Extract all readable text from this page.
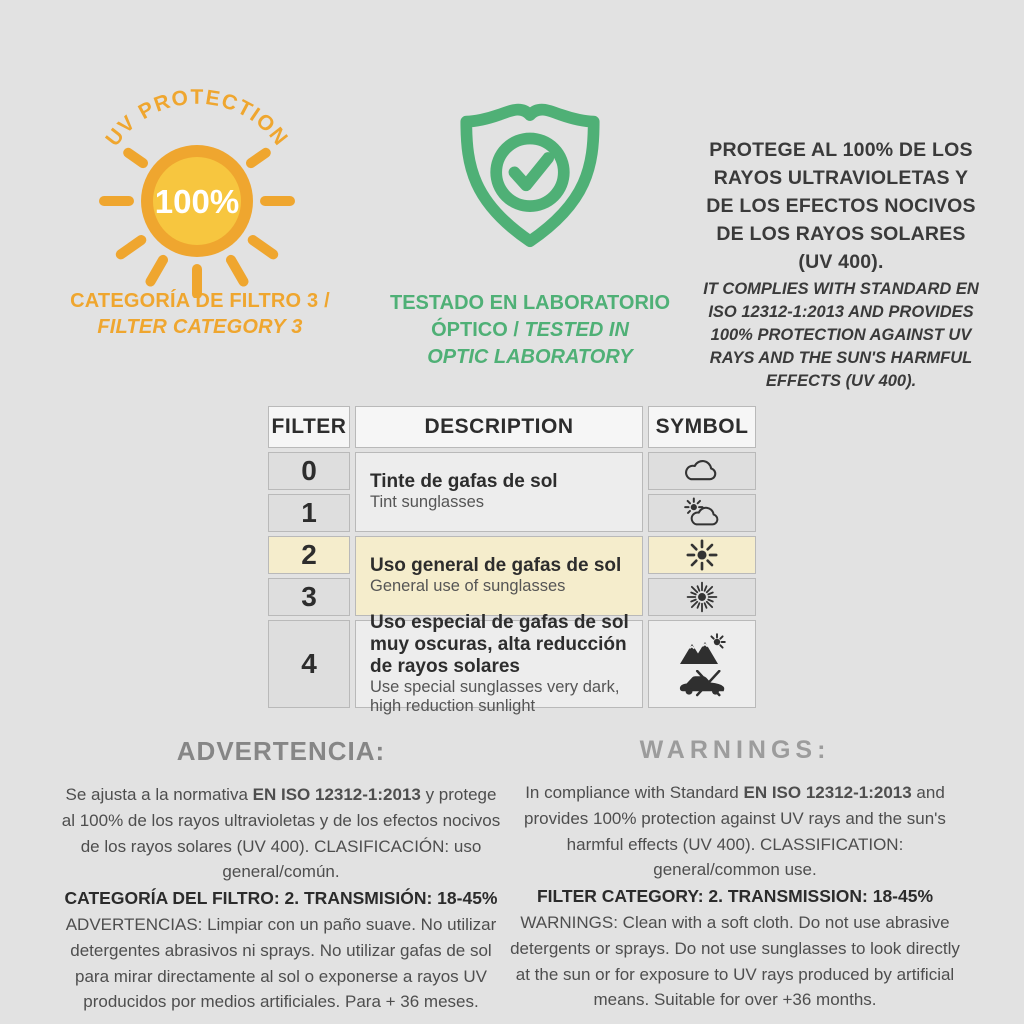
UV PROTECTION
100%
CATEGORÍA DE FILTRO 3 /
FILTER CATEGORY 3
TESTADO EN LABORATORIO
ÓPTICO / TESTED IN
OPTIC LABORATORY
PROTEGE AL 100% DE LOS RAYOS ULTRAVIOLETAS Y DE LOS EFECTOS NOCIVOS DE LOS RAYOS SOLARES (UV 400).
IT COMPLIES WITH STANDARD EN ISO 12312-1:2013 AND PROVIDES 100% PROTECTION AGAINST UV RAYS AND THE SUN'S HARMFUL EFFECTS (UV 400).
FILTER	DESCRIPTION	SYMBOL
0
1
2
3
4
Tinte de gafas de sol
Tint sunglasses
Uso general de gafas de sol
General use of sunglasses
Uso especial de gafas de sol muy oscuras, alta reducción de rayos solares
Use special sunglasses very dark, high reduction sunlight
ADVERTENCIA:

Se ajusta a la normativa EN ISO 12312-1:2013 y protege al 100% de los rayos ultravioletas y de los efectos nocivos de los rayos solares (UV 400). CLASIFICACIÓN: uso general/común.

CATEGORÍA DEL FILTRO: 2. TRANSMISIÓN: 18-45%

ADVERTENCIAS: Limpiar con un paño suave. No utilizar detergentes abrasivos ni sprays. No utilizar gafas de sol para mirar directamente al sol o exponerse a rayos UV producidos por medios artificiales. Para + 36 meses.

WARNINGS:

In compliance with Standard EN ISO 12312-1:2013 and provides 100% protection against UV rays and the sun's harmful effects (UV 400). CLASSIFICATION: general/common use.

FILTER CATEGORY: 2. TRANSMISSION: 18-45%

WARNINGS: Clean with a soft cloth. Do not use abrasive detergents or sprays. Do not use sunglasses to look directly at the sun or for exposure to UV rays produced by artificial means. Suitable for over +36 months.
